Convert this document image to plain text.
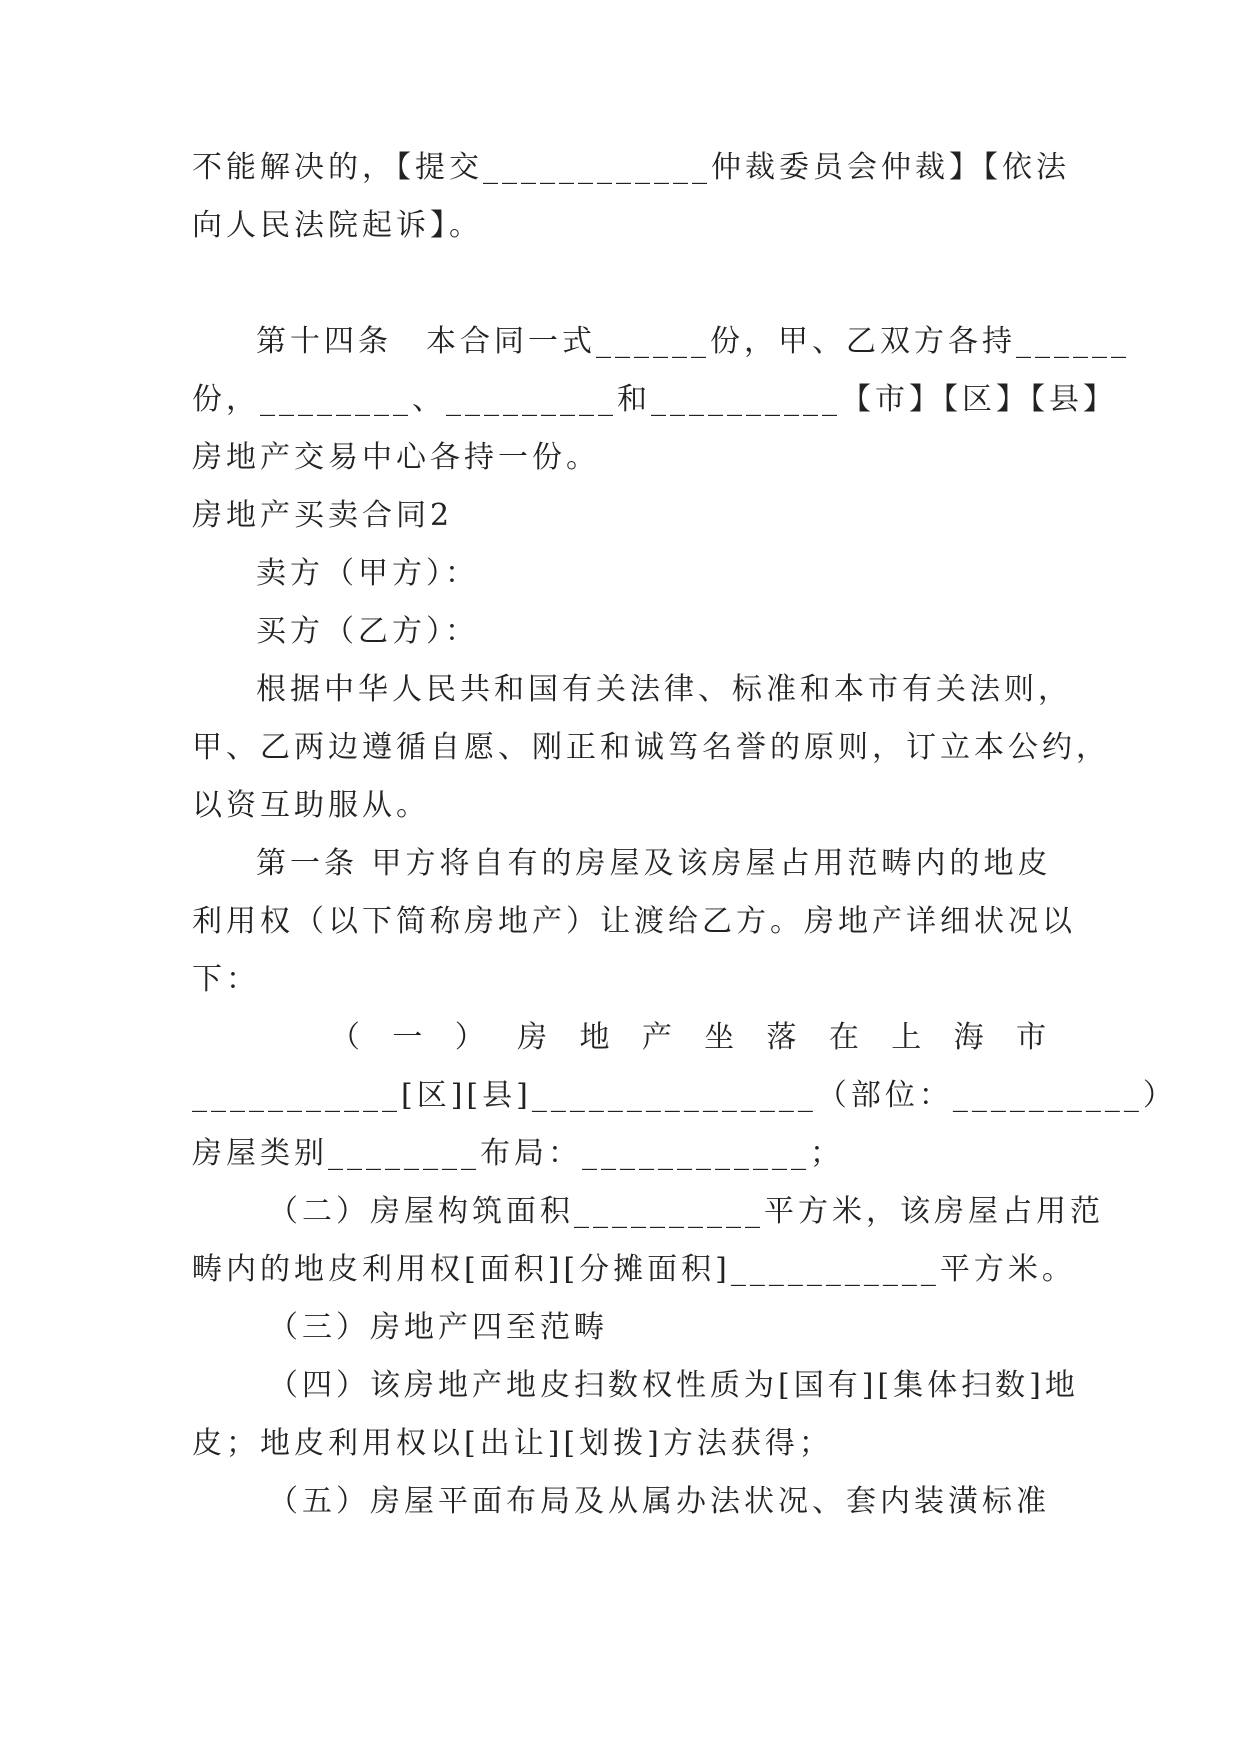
不能解决的，【提交____________仲裁委员会仲裁】【依法
向人民法院起诉】。
第十四条　本合同一式______份，甲、乙双方各持______
份，________、_________和__________【市】【区】【县】
房地产交易中心各持一份。
房地产买卖合同2
卖方（甲方）：
买方（乙方）：
根据中华人民共和国有关法律、标准和本市有关法则，
甲、乙两边遵循自愿、刚正和诚笃名誉的原则，订立本公约，
以资互助服从。
第一条 甲方将自有的房屋及该房屋占用范畴内的地皮
利用权（以下简称房地产）让渡给乙方。房地产详细状况以
下：
（一）房地产坐落在上海市
___________[区][县]_______________（部位：__________）
房屋类别________布局：____________；
（二）房屋构筑面积__________平方米，该房屋占用范
畴内的地皮利用权[面积][分摊面积]___________平方米。
（三）房地产四至范畴
（四）该房地产地皮扫数权性质为[国有][集体扫数]地
皮；地皮利用权以[出让][划拨]方法获得；
（五）房屋平面布局及从属办法状况、套内装潢标准
